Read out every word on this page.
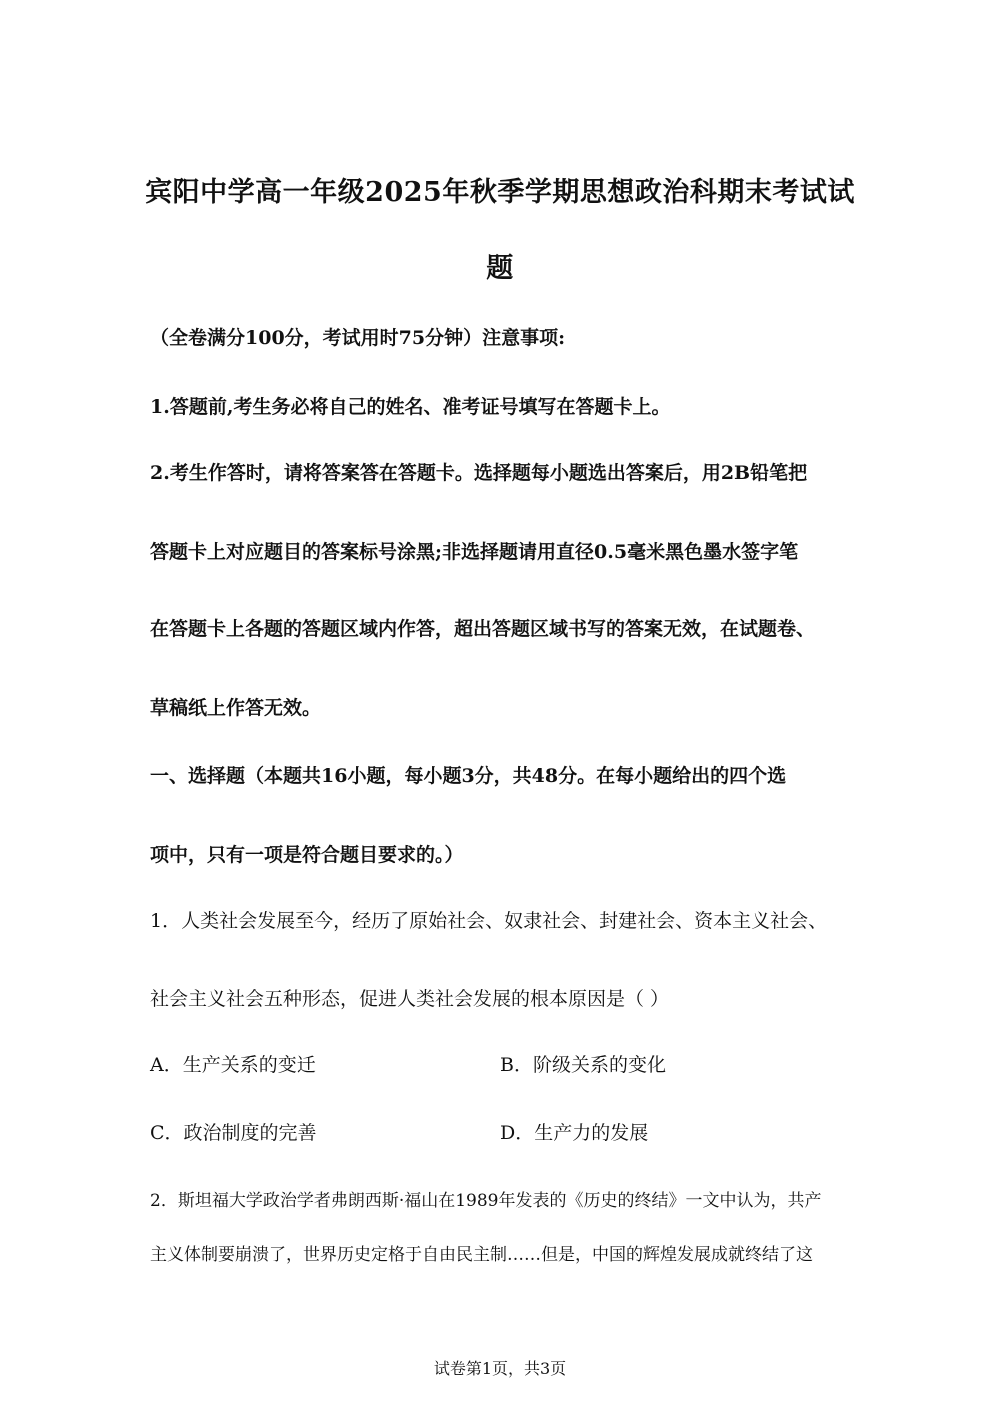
宾阳中学高一年级2025年秋季学期思想政治科期末考试试
题
（全卷满分100分，考试用时75分钟）注意事项:
1.答题前,考生务必将自己的姓名、准考证号填写在答题卡上。
2.考生作答时，请将答案答在答题卡。选择题每小题选出答案后，用2B铅笔把
答题卡上对应题目的答案标号涂黑;非选择题请用直径0.5毫米黑色墨水签字笔
在答题卡上各题的答题区域内作答，超出答题区域书写的答案无效，在试题卷、
草稿纸上作答无效。
一、选择题（本题共16小题，每小题3分，共48分。在每小题给出的四个选
项中，只有一项是符合题目要求的。）
1．人类社会发展至今，经历了原始社会、奴隶社会、封建社会、资本主义社会、
社会主义社会五种形态，促进人类社会发展的根本原因是（ ）
A．生产关系的变迁	B．阶级关系的变化
C．政治制度的完善	D．生产力的发展
2．斯坦福大学政治学者弗朗西斯·福山在1989年发表的《历史的终结》一文中认为，共产
主义体制要崩溃了，世界历史定格于自由民主制……但是，中国的辉煌发展成就终结了这
试卷第1页，共3页
